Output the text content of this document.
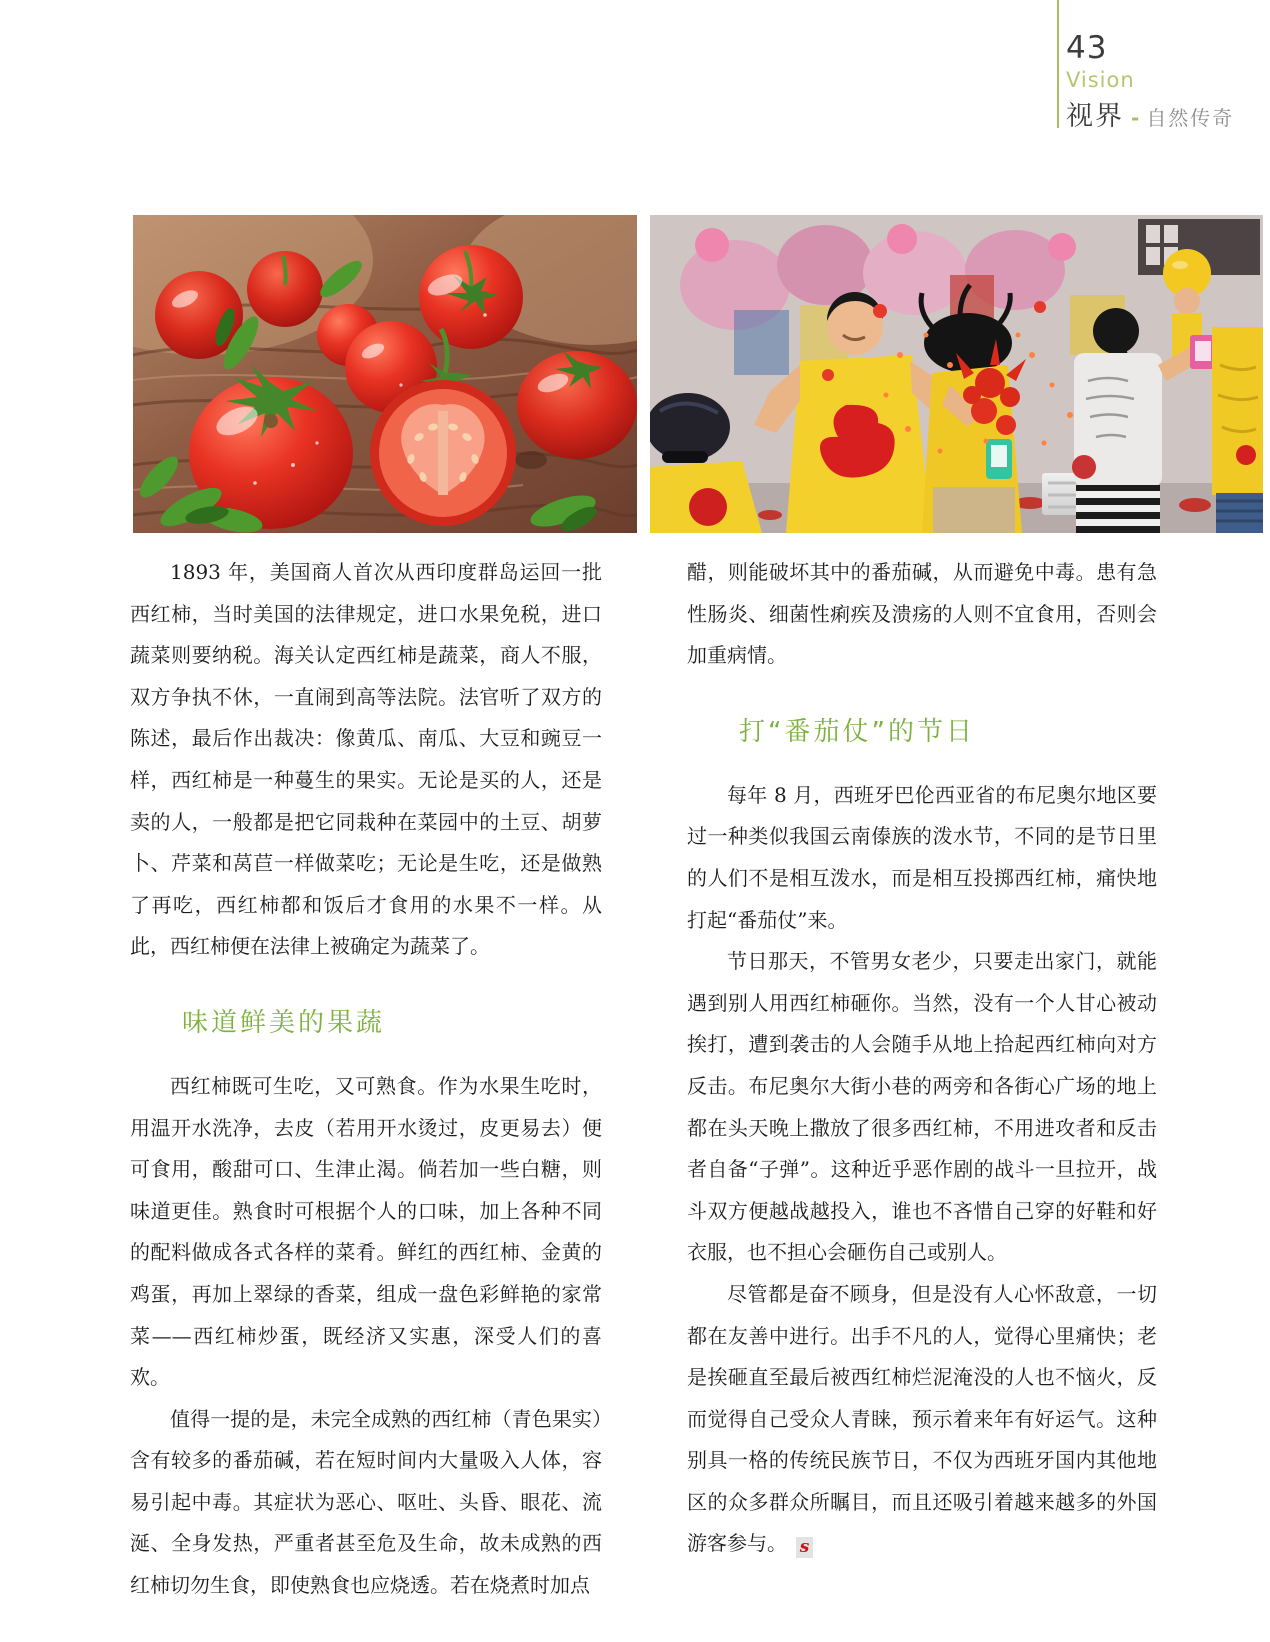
43
Vision
视界 - 自然传奇

1893 年，美国商人首次从西印度群岛运回一批西红柿，当时美国的法律规定，进口水果免税，进口蔬菜则要纳税。海关认定西红柿是蔬菜，商人不服，双方争执不休，一直闹到高等法院。法官听了双方的陈述，最后作出裁决：像黄瓜、南瓜、大豆和豌豆一样，西红柿是一种蔓生的果实。无论是买的人，还是卖的人，一般都是把它同栽种在菜园中的土豆、胡萝卜、芹菜和莴苣一样做菜吃；无论是生吃，还是做熟了再吃，西红柿都和饭后才食用的水果不一样。从此，西红柿便在法律上被确定为蔬菜了。

味道鲜美的果蔬

西红柿既可生吃，又可熟食。作为水果生吃时，用温开水洗净，去皮（若用开水烫过，皮更易去）便可食用，酸甜可口、生津止渴。倘若加一些白糖，则味道更佳。熟食时可根据个人的口味，加上各种不同的配料做成各式各样的菜肴。鲜红的西红柿、金黄的鸡蛋，再加上翠绿的香菜，组成一盘色彩鲜艳的家常菜——西红柿炒蛋，既经济又实惠，深受人们的喜欢。

值得一提的是，未完全成熟的西红柿（青色果实）含有较多的番茄碱，若在短时间内大量吸入人体，容易引起中毒。其症状为恶心、呕吐、头昏、眼花、流涎、全身发热，严重者甚至危及生命，故未成熟的西红柿切勿生食，即使熟食也应烧透。若在烧煮时加点

醋，则能破坏其中的番茄碱，从而避免中毒。患有急性肠炎、细菌性痢疾及溃疡的人则不宜食用，否则会加重病情。

打“番茄仗”的节日

每年 8 月，西班牙巴伦西亚省的布尼奥尔地区要过一种类似我国云南傣族的泼水节，不同的是节日里的人们不是相互泼水，而是相互投掷西红柿，痛快地打起“番茄仗”来。

节日那天，不管男女老少，只要走出家门，就能遇到别人用西红柿砸你。当然，没有一个人甘心被动挨打，遭到袭击的人会随手从地上拾起西红柿向对方反击。布尼奥尔大街小巷的两旁和各街心广场的地上都在头天晚上撒放了很多西红柿，不用进攻者和反击者自备“子弹”。这种近乎恶作剧的战斗一旦拉开，战斗双方便越战越投入，谁也不吝惜自己穿的好鞋和好衣服，也不担心会砸伤自己或别人。

尽管都是奋不顾身，但是没有人心怀敌意，一切都在友善中进行。出手不凡的人，觉得心里痛快；老是挨砸直至最后被西红柿烂泥淹没的人也不恼火，反而觉得自己受众人青睐，预示着来年有好运气。这种别具一格的传统民族节日，不仅为西班牙国内其他地区的众多群众所瞩目，而且还吸引着越来越多的外国游客参与。 s
